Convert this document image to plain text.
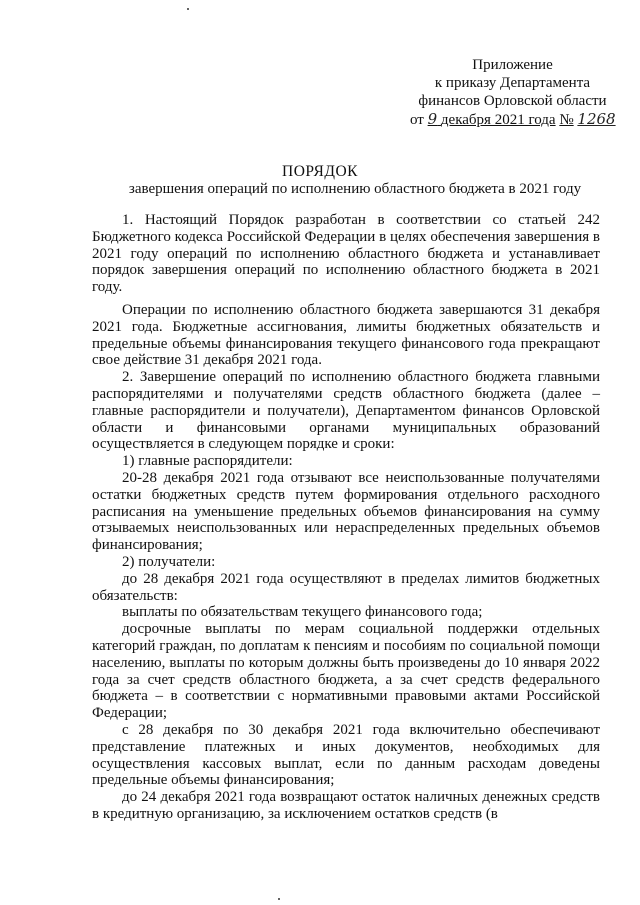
Приложение
к приказу Департамента
финансов Орловской области
от 9 декабря 2021 года № 1268
ПОРЯДОК
завершения операций по исполнению областного бюджета в 2021 году

1. Настоящий Порядок разработан в соответствии со статьей 242 Бюджетного кодекса Российской Федерации в целях обеспечения завершения в 2021 году операций по исполнению областного бюджета и устанавливает порядок завершения операций по исполнению областного бюджета в 2021 году.

Операции по исполнению областного бюджета завершаются 31 декабря 2021 года. Бюджетные ассигнования, лимиты бюджетных обязательств и предельные объемы финансирования текущего финансового года прекращают свое действие 31 декабря 2021 года.

2. Завершение операций по исполнению областного бюджета главными распорядителями и получателями средств областного бюджета (далее – главные распорядители и получатели), Департаментом финансов Орловской области и финансовыми органами муниципальных образований осуществляется в следующем порядке и сроки:

1) главные распорядители:

20-28 декабря 2021 года отзывают все неиспользованные получателями остатки бюджетных средств путем формирования отдельного расходного расписания на уменьшение предельных объемов финансирования на сумму отзываемых неиспользованных или нераспределенных предельных объемов финансирования;

2) получатели:

до 28 декабря 2021 года осуществляют в пределах лимитов бюджетных обязательств:

выплаты по обязательствам текущего финансового года;

досрочные выплаты по мерам социальной поддержки отдельных категорий граждан, по доплатам к пенсиям и пособиям по социальной помощи населению, выплаты по которым должны быть произведены до 10 января 2022 года за счет средств областного бюджета, а за счет средств федерального бюджета – в соответствии с нормативными правовыми актами Российской Федерации;

с 28 декабря по 30 декабря 2021 года включительно обеспечивают представление платежных и иных документов, необходимых для осуществления кассовых выплат, если по данным расходам доведены предельные объемы финансирования;

до 24 декабря 2021 года возвращают остаток наличных денежных средств в кредитную организацию, за исключением остатков средств (в
